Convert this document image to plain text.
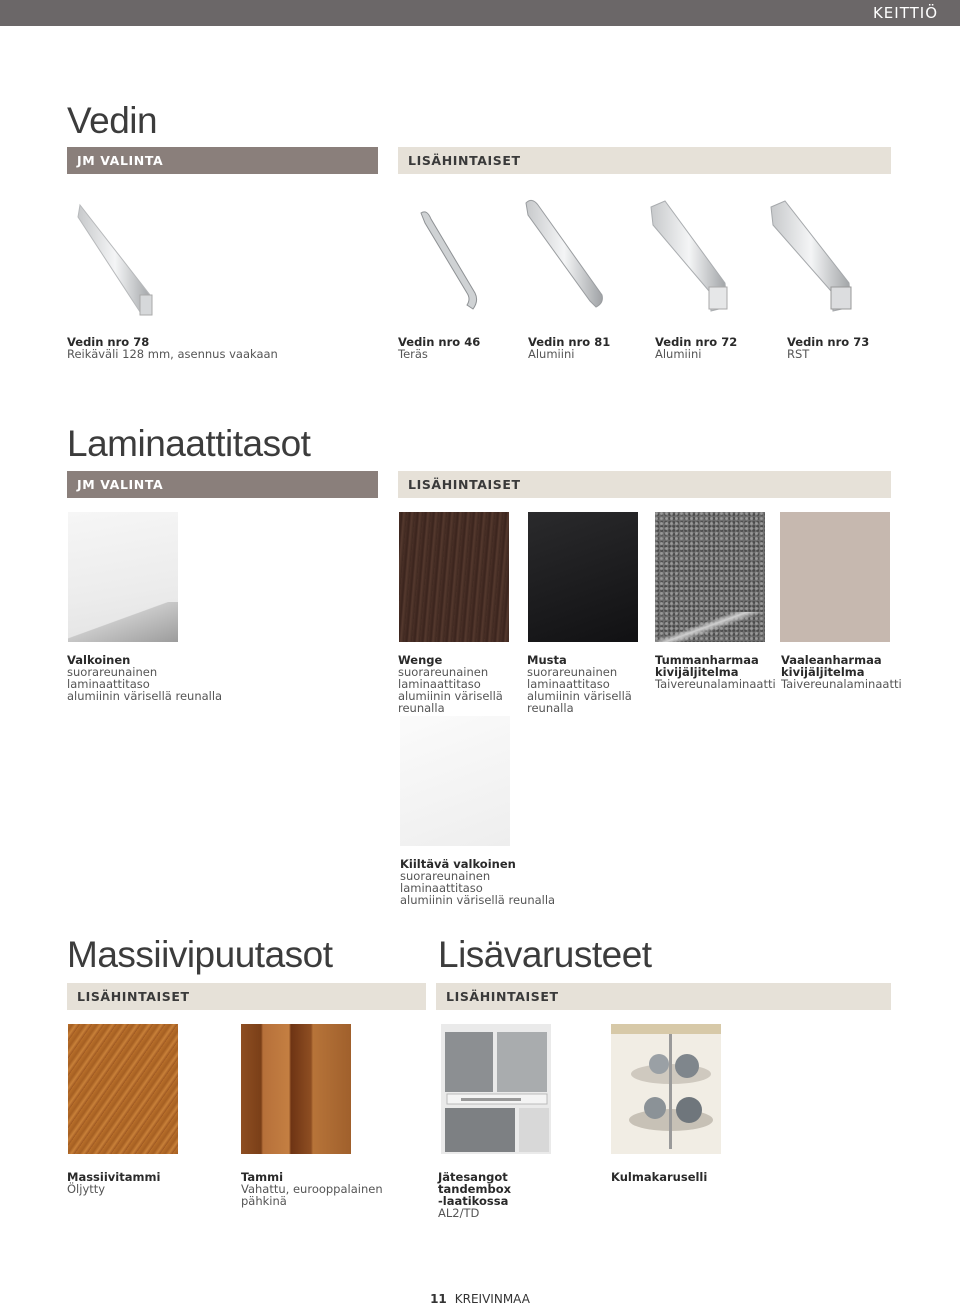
KEITTIÖ
Vedin
JM VALINTA	LISÄHINTAISET
Vedin nro 78
Reikäväli 128 mm, asennus vaakaan
Vedin nro 46
Teräs
Vedin nro 81
Alumiini
Vedin nro 72
Alumiini
Vedin nro 73
RST
Laminaattitasot
JM VALINTA	LISÄHINTAISET
Valkoinen
suorareunainen
laminaattitaso
alumiinin värisellä reunalla
Wenge
suorareunainen
laminaattitaso
alumiinin värisellä
reunalla
Musta
suorareunainen
laminaattitaso
alumiinin värisellä
reunalla
Tummanharmaa
kivijäljitelma
Taivereunalaminaatti
Vaaleanharmaa
kivijäljitelma
Taivereunalaminaatti
Kiiltävä valkoinen
suorareunainen
laminaattitaso
alumiinin värisellä reunalla
Massiivipuutasot
LISÄHINTAISET
Massiivitammi
Öljytty
Tammi
Vahattu, eurooppalainen
pähkinä
Lisävarusteet
LISÄHINTAISET
Jätesangot
tandembox
-laatikossa
AL2/TD
Kulmakaruselli
11 KREIVINMAA
